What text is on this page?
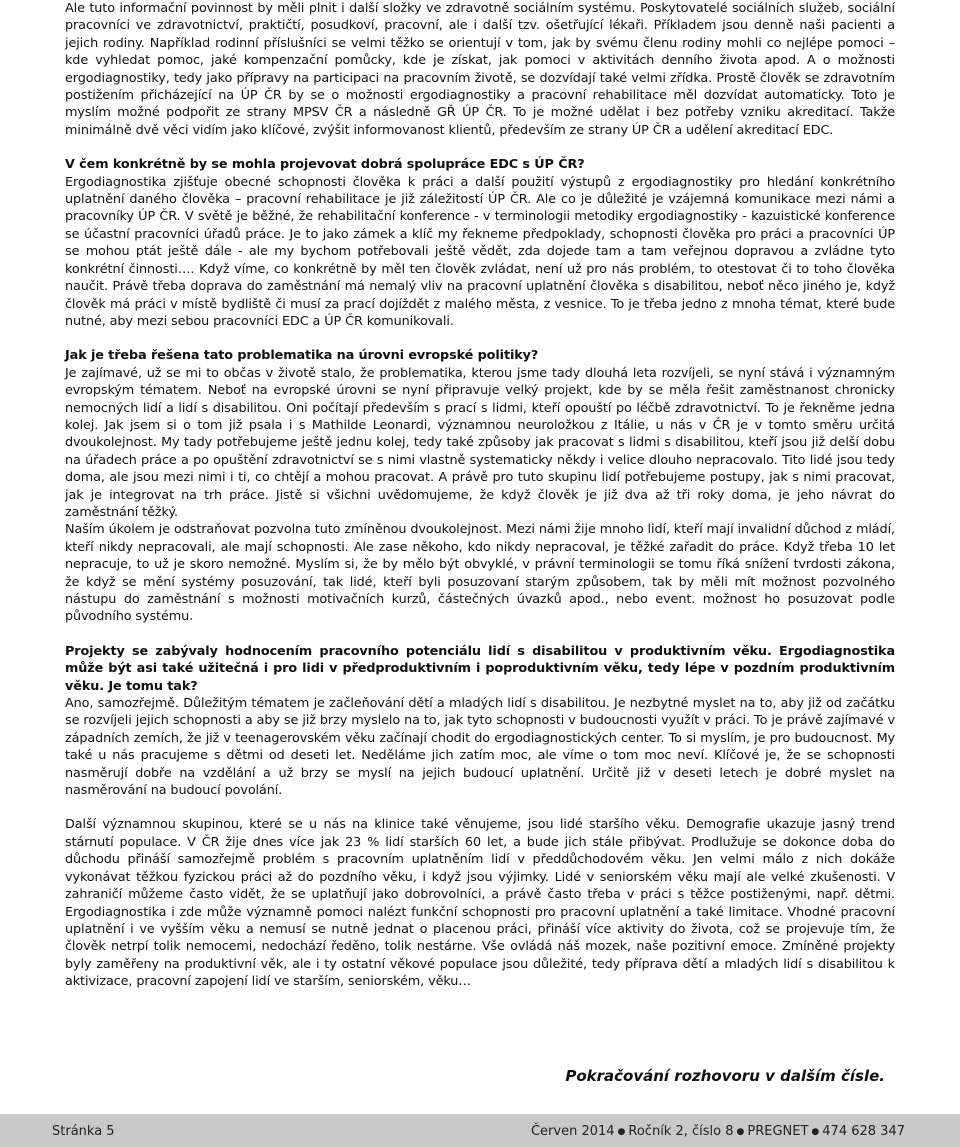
Ale tuto informační povinnost by měli plnit i další složky ve zdravotně sociálním systému. Poskytovatelé sociálních služeb, sociální pracovníci ve zdravotnictví, praktičtí, posudkoví, pracovní, ale i další tzv. ošetřující lékaři. Příkladem jsou denně naši pacienti a jejich rodiny. Například rodinní příslušníci se velmi těžko se orientují v tom, jak by svému členu rodiny mohli co nejlépe pomoci – kde vyhledat pomoc, jaké kompenzační pomůcky, kde je získat, jak pomoci v aktivitách denního života apod. A o možnosti ergodiagnostiky, tedy jako přípravy na participaci na pracovním životě, se dozvídají také velmi zřídka. Prostě člověk se zdravotním postižením přicházející na ÚP ČR by se o možnosti ergodiagnostiky a pracovní rehabilitace měl dozvídat automaticky. Toto je myslím možné podpořit ze strany MPSV ČR a následně GŘ ÚP ČR. To je možné udělat i bez potřeby vzniku akreditací. Takže minimálně dvě věci vidím jako klíčové, zvýšit informovanost klientů, především ze strany ÚP ČR a udělení akreditací EDC.

V čem konkrétně by se mohla projevovat dobrá spolupráce EDC s ÚP ČR?

Ergodiagnostika zjišťuje obecné schopnosti člověka k práci a další použití výstupů z ergodiagnostiky pro hledání konkrétního uplatnění daného člověka – pracovní rehabilitace je již záležitostí ÚP ČR. Ale co je důležité je vzájemná komunikace mezi námi a pracovníky ÚP ČR. V světě je běžné, že rehabilitační konference - v terminologii metodiky ergodiagnostiky - kazuistické konference se účastní pracovníci úřadů práce. Je to jako zámek a klíč my řekneme předpoklady, schopnosti člověka pro práci a pracovníci ÚP se mohou ptát ještě dále - ale my bychom potřebovali ještě vědět, zda dojede tam a tam veřejnou dopravou a zvládne tyto konkrétní činnosti…. Když víme, co konkrétně by měl ten člověk zvládat, není už pro nás problém, to otestovat či to toho člověka naučit. Právě třeba doprava do zaměstnání má nemalý vliv na pracovní uplatnění člověka s disabilitou, neboť něco jiného je, když člověk má práci v místě bydliště či musí za prací dojíždět z malého města, z vesnice. To je třeba jedno z mnoha témat, které bude nutné, aby mezi sebou pracovníci EDC a ÚP ČR komunikovali.

Jak je třeba řešena tato problematika na úrovni evropské politiky?

Je zajímavé, už se mi to občas v životě stalo, že problematika, kterou jsme tady dlouhá leta rozvíjeli, se nyní stává i významným evropským tématem. Neboť na evropské úrovni se nyní připravuje velký projekt, kde by se měla řešit zaměstnanost chronicky nemocných lidí a lidí s disabilitou. Oni počítají především s prací s lidmi, kteří opouští po léčbě zdravotnictví. To je řekněme jedna kolej. Jak jsem si o tom již psala i s Mathilde Leonardi, významnou neuroložkou z Itálie, u nás v ČR je v tomto směru určitá dvoukolejnost. My tady potřebujeme ještě jednu kolej, tedy také způsoby jak pracovat s lidmi s disabilitou, kteří jsou již delší dobu na úřadech práce a po opuštění zdravotnictví se s nimi vlastně systematicky někdy i velice dlouho nepracovalo. Tito lidé jsou tedy doma, ale jsou mezi nimi i ti, co chtějí a mohou pracovat. A právě pro tuto skupinu lidí potřebujeme postupy, jak s nimi pracovat, jak je integrovat na trh práce. Jistě si všichni uvědomujeme, že když člověk je již dva až tři roky doma, je jeho návrat do zaměstnání těžký.

Naším úkolem je odstraňovat pozvolna tuto zmíněnou dvoukolejnost. Mezi námi žije mnoho lidí, kteří mají invalidní důchod z mládí, kteří nikdy nepracovali, ale mají schopnosti. Ale zase někoho, kdo nikdy nepracoval, je těžké zařadit do práce. Když třeba 10 let nepracuje, to už je skoro nemožné. Myslím si, že by mělo být obvyklé, v právní terminologii se tomu říká snížení tvrdosti zákona, že když se mění systémy posuzování, tak lidé, kteří byli posuzovaní starým způsobem, tak by měli mít možnost pozvolného nástupu do zaměstnání s možnosti motivačních kurzů, částečných úvazků apod., nebo event. možnost ho posuzovat podle původního systému.

Projekty se zabývaly hodnocením pracovního potenciálu lidí s disabilitou v produktivním věku. Ergodiagnostika může být asi také užitečná i pro lidi v předproduktivním i poproduktivním věku, tedy lépe v pozdním produktivním věku. Je tomu tak?

Ano, samozřejmě. Důležitým tématem je začleňování dětí a mladých lidí s disabilitou. Je nezbytné myslet na to, aby již od začátku se rozvíjeli jejich schopnosti a aby se již brzy myslelo na to, jak tyto schopnosti v budoucnosti využít v práci. To je právě zajímavé v západních zemích, že již v teenagerovském věku začínají chodit do ergodiagnostických center. To si myslím, je pro budoucnost. My také u nás pracujeme s dětmi od deseti let. Neděláme jich zatím moc, ale víme o tom moc neví. Klíčové je, že se schopnosti nasměrují dobře na vzdělání a už brzy se myslí na jejich budoucí uplatnění. Určitě již v deseti letech je dobré myslet na nasměrování na budoucí povolání.

Další významnou skupinou, které se u nás na klinice také věnujeme, jsou lidé staršího věku. Demografie ukazuje jasný trend stárnutí populace. V ČR žije dnes více jak 23 % lidí starších 60 let, a bude jich stále přibývat. Prodlužuje se dokonce doba do důchodu přináší samozřejmě problém s pracovním uplatněním lidí v předdůchodovém věku. Jen velmi málo z nich dokáže vykonávat těžkou fyzickou práci až do pozdního věku, i když jsou výjimky. Lidé v seniorském věku mají ale velké zkušenosti. V zahraničí můžeme často vidět, že se uplatňují jako dobrovolníci, a právě často třeba v práci s těžce postiženými, např. dětmi. Ergodiagnostika i zde může významně pomoci nalézt funkční schopnosti pro pracovní uplatnění a také limitace. Vhodné pracovní uplatnění i ve vyšším věku a nemusí se nutně jednat o placenou práci, přináší více aktivity do života, což se projevuje tím, že člověk netrpí tolik nemocemi, nedochází ředěno, tolik nestárne. Vše ovládá náš mozek, naše pozitivní emoce. Zmíněné projekty byly zaměřeny na produktivní věk, ale i ty ostatní věkové populace jsou důležité, tedy příprava dětí a mladých lidí s disabilitou k aktivizace, pracovní zapojení lidí ve starším, seniorském, věku…

Pokračování rozhovoru v dalším čísle.
Stránka 5	Červen 2014 ● Ročník 2, číslo 8 ● PREGNET ● 474 628 347
